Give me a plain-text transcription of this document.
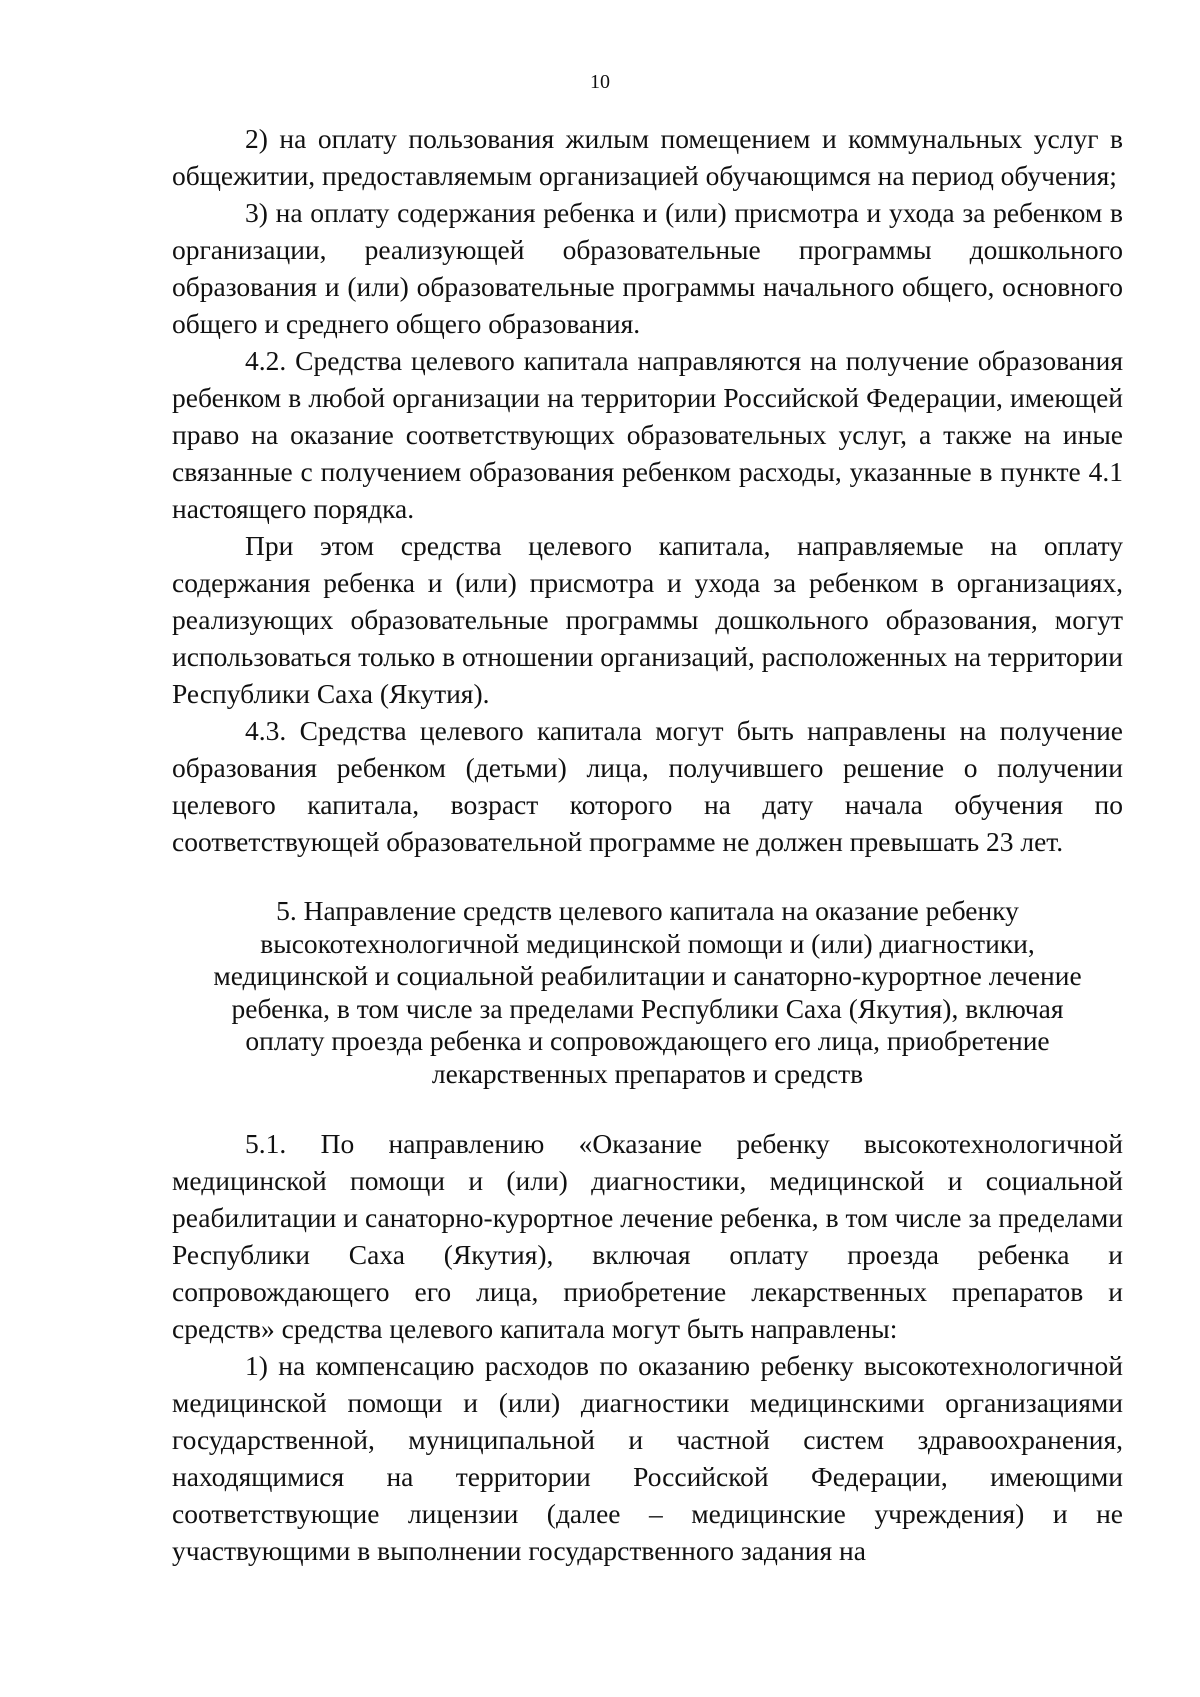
10

2) на оплату пользования жилым помещением и коммунальных услуг в общежитии, предоставляемым организацией обучающимся на период обучения;

3) на оплату содержания ребенка и (или) присмотра и ухода за ребенком в организации, реализующей образовательные программы дошкольного образования и (или) образовательные программы начального общего, основного общего и среднего общего образования.

4.2. Средства целевого капитала направляются на получение образования ребенком в любой организации на территории Российской Федерации, имеющей право на оказание соответствующих образовательных услуг, а также на иные связанные с получением образования ребенком расходы, указанные в пункте 4.1 настоящего порядка.

При этом средства целевого капитала, направляемые на оплату содержания ребенка и (или) присмотра и ухода за ребенком в организациях, реализующих образовательные программы дошкольного образования, могут использоваться только в отношении организаций, расположенных на территории Республики Саха (Якутия).

4.3. Средства целевого капитала могут быть направлены на получение образования ребенком (детьми) лица, получившего решение о получении целевого капитала, возраст которого на дату начала обучения по соответствующей образовательной программе не должен превышать 23 лет.

5. Направление средств целевого капитала на оказание ребенку
высокотехнологичной медицинской помощи и (или) диагностики,
медицинской и социальной реабилитации и санаторно-курортное лечение
ребенка, в том числе за пределами Республики Саха (Якутия), включая
оплату проезда ребенка и сопровождающего его лица, приобретение
лекарственных препаратов и средств

5.1. По направлению «Оказание ребенку высокотехнологичной медицинской помощи и (или) диагностики, медицинской и социальной реабилитации и санаторно-курортное лечение ребенка, в том числе за пределами Республики Саха (Якутия), включая оплату проезда ребенка и сопровождающего его лица, приобретение лекарственных препаратов и средств» средства целевого капитала могут быть направлены:

1) на компенсацию расходов по оказанию ребенку высокотехнологичной медицинской помощи и (или) диагностики медицинскими организациями государственной, муниципальной и частной систем здравоохранения, находящимися на территории Российской Федерации, имеющими соответствующие лицензии (далее – медицинские учреждения) и не участвующими в выполнении государственного задания на
